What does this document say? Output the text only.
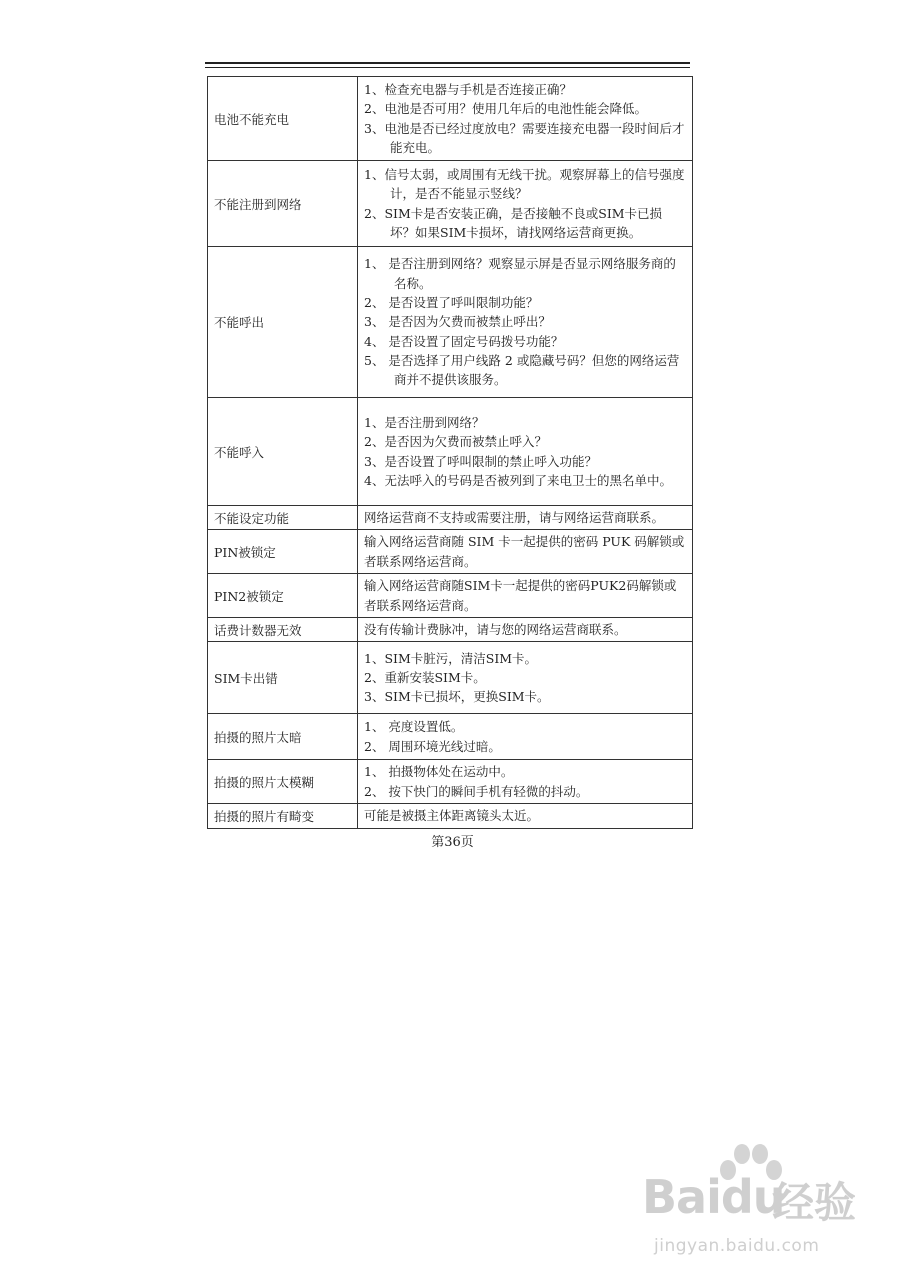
电池不能充电	1、检查充电器与手机是否连接正确？
2、电池是否可用？使用几年后的电池性能会降低。
3、电池是否已经过度放电？需要连接充电器一段时间后才能充电。

不能注册到网络	1、信号太弱，或周围有无线干扰。观察屏幕上的信号强度计，是否不能显示竖线？
2、SIM卡是否安装正确，是否接触不良或SIM卡已损坏？如果SIM卡损坏，请找网络运营商更换。

不能呼出	1、 是否注册到网络？观察显示屏是否显示网络服务商的名称。
2、 是否设置了呼叫限制功能？
3、 是否因为欠费而被禁止呼出？
4、 是否设置了固定号码拨号功能？
5、 是否选择了用户线路 2 或隐藏号码？但您的网络运营商并不提供该服务。

不能呼入	1、是否注册到网络？
2、是否因为欠费而被禁止呼入？
3、是否设置了呼叫限制的禁止呼入功能？
4、无法呼入的号码是否被列到了来电卫士的黑名单中。

不能设定功能	网络运营商不支持或需要注册，请与网络运营商联系。

PIN被锁定	输入网络运营商随 SIM 卡一起提供的密码 PUK 码解锁或者联系网络运营商。

PIN2被锁定	输入网络运营商随SIM卡一起提供的密码PUK2码解锁或者联系网络运营商。

话费计数器无效	没有传输计费脉冲，请与您的网络运营商联系。

SIM卡出错	1、SIM卡脏污，清洁SIM卡。
2、重新安装SIM卡。
3、SIM卡已损坏，更换SIM卡。

拍摄的照片太暗	1、 亮度设置低。
2、 周围环境光线过暗。

拍摄的照片太模糊	1、 拍摄物体处在运动中。
2、 按下快门的瞬间手机有轻微的抖动。

拍摄的照片有畸变	可能是被摄主体距离镜头太近。
第36页
Baidu
经验
jingyan.baidu.com
